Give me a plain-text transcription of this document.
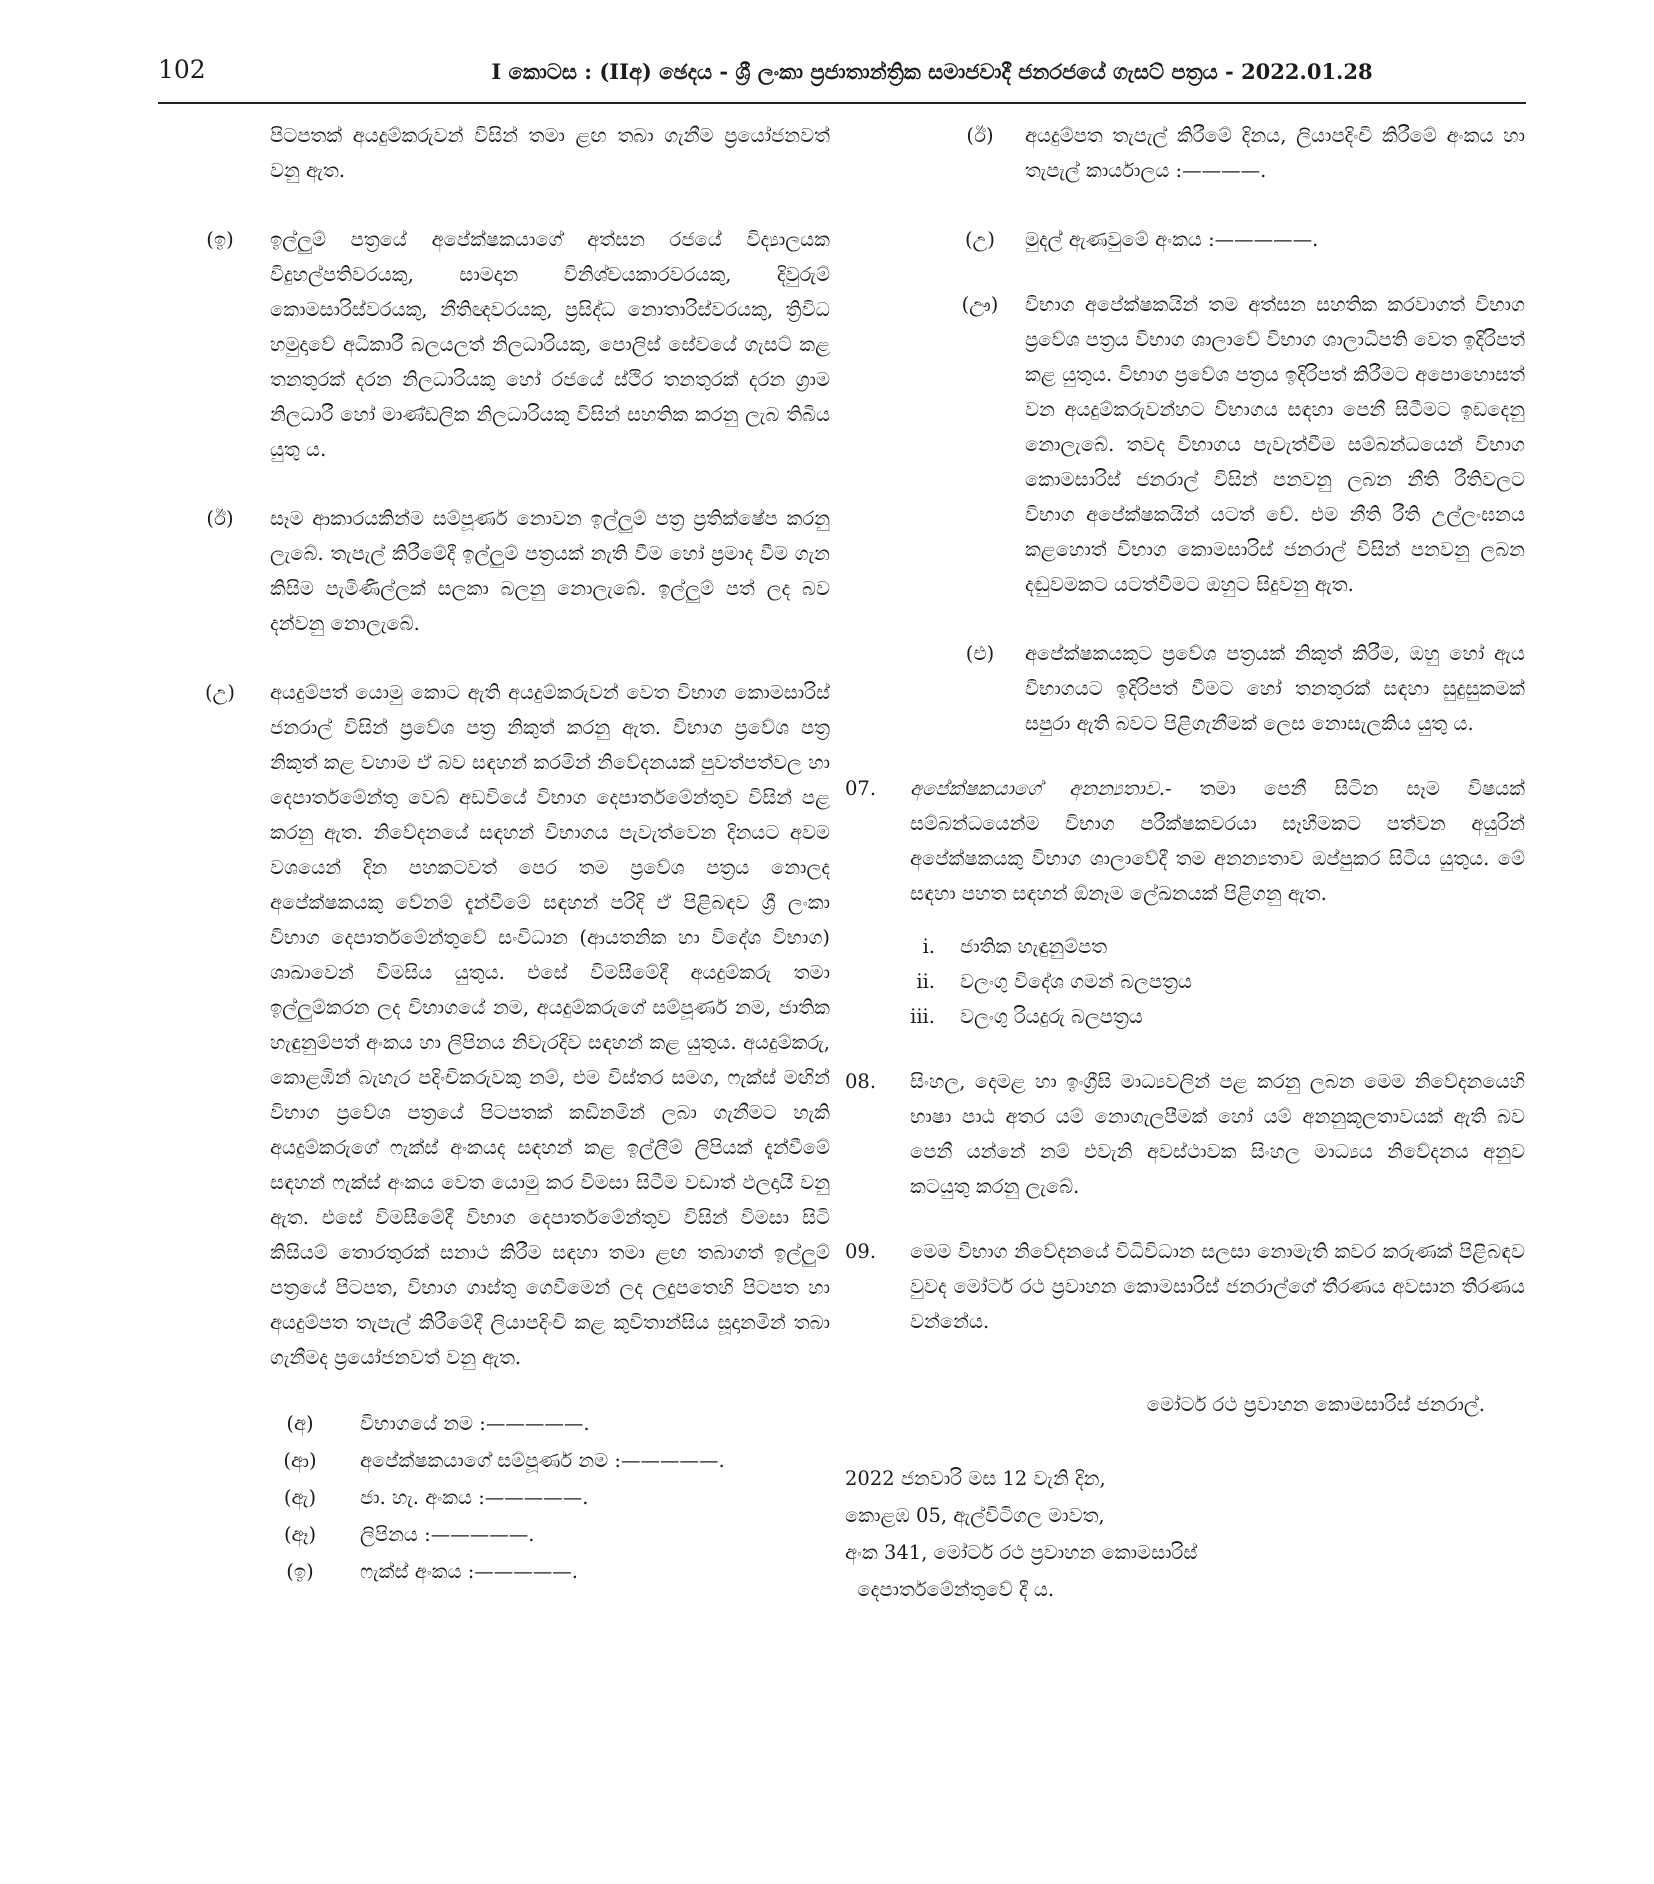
102	I කොටස : (IIඅ) ඡෙදය - ශ්‍රී ලංකා ප්‍රජාතාන්ත්‍රික සමාජවාදී ජනරජයේ ගැසට් පත්‍රය - 2022.01.28
පිටපතක් අයදුම්කරුවන් විසින් තමා ළඟ තබා ගැනීම ප්‍රයෝජනවත් වනු ඇත.
(ඉ)	ඉල්ලුම් පත්‍රයේ අපේක්ෂකයාගේ අත්සන රජයේ විද්‍යාලයක විදුහල්පතිවරයකු, සාමදාන විනිශ්චයකාරවරයකු, දිවුරුම් කොමසාරිස්වරයකු, නීතිඥවරයකු, ප්‍රසිද්ධ නොතාරිස්වරයකු, ත්‍රිවිධ හමුදාවේ අධිකාරී බලයලත් නිලධාරියකු, පොලිස් සේවයේ ගැසට් කළ තනතුරක් දරන නිලධාරියකු හෝ රජයේ ස්ථිර තනතුරක් දරන ග්‍රාම නිලධාරී හෝ මාණ්ඩලික නිලධාරියකු විසින් සහතික කරනු ලැබ තිබිය යුතු ය.
(ඊ)	සෑම ආකාරයකින්ම සම්පූර්ණ නොවන ඉල්ලුම් පත්‍ර ප්‍රතික්ෂේප කරනු ලැබේ. තැපැල් කිරීමේදී ඉල්ලුම් පත්‍රයක් නැති වීම හෝ ප්‍රමාද වීම ගැන කිසිම පැමිණිල්ලක් සලකා බලනු නොලැබේ. ඉල්ලුම් පත් ලද බව දන්වනු නොලැබේ.
(උ) අයදුම්පත් යොමු කොට ඇති අයදුම්කරුවන් වෙත විභාග කොමසාරිස් ජනරාල් විසින් ප්‍රවේශ පත්‍ර නිකුත් කරනු ඇත. විභාග ප්‍රවේශ පත්‍ර නිකුත් කළ වහාම ඒ බව සඳහන් කරමින් නිවේදනයක් පුවත්පත්වල හා දෙපාර්තමේන්තු වෙබ් අඩවියේ විභාග දෙපාර්තමේන්තුව විසින් පළ කරනු ඇත. නිවේදනයේ සඳහන් විභාගය පැවැත්වෙන දිනයට අවම වශයෙන් දින පහකටවත් පෙර තම ප්‍රවේශ පත්‍රය නොලද අපේක්ෂකයකු වේනම් දැන්වීමේ සඳහන් පරිදි ඒ පිළිබඳව ශ්‍රී ලංකා විභාග දෙපාර්තමේන්තුවේ සංවිධාන (ආයතනික හා විදේශ විභාග) ශාඛාවෙන් විමසිය යුතුය. එසේ විමසීමේදී අයදුම්කරු තමා ඉල්ලුම්කරන ලද විභාගයේ නම, අයදුම්කරුගේ සම්පූර්ණ නම, ජාතික හැඳුනුම්පත් අංකය හා ලිපිනය නිවැරදිව සඳහන් කළ යුතුය. අයදුම්කරු, කොළඹින් බැහැර පදිංචිකරුවකු නම්, එම විස්තර සමග, ෆැක්ස් මඟින් විභාග ප්‍රවේශ පත්‍රයේ පිටපතක් කඩිනමින් ලබා ගැනීමට හැකි අයදුම්කරුගේ ෆැක්ස් අංකයද සඳහන් කළ ඉල්ලීම් ලිපියක් දැන්වීමේ සඳහන් ෆැක්ස් අංකය වෙත යොමු කර විමසා සිටීම වඩාත් ඵලදායී වනු ඇත. එසේ විමසීමේදී විභාග දෙපාර්තමේන්තුව විසින් විමසා සිටි කිසියම් තොරතුරක් සනාථ කිරීම සඳහා තමා ළඟ තබාගත් ඉල්ලුම් පත්‍රයේ පිටපත, විභාග ගාස්තු ගෙවීමෙන් ලද ලදුපතෙහි පිටපත හා අයදුම්පත තැපැල් කිරීමේදී ලියාපදිංචි කළ කුවිතාන්සිය සූදානමින් තබා ගැනීමද ප්‍රයෝජනවත් වනු ඇත.
(අ)	විභාගයේ නම :—————.
(ආ)	අපේක්ෂකයාගේ සම්පූර්ණ නම :—————.
(ඇ)	ජා. හැ. අංකය :—————.
(ඈ)	ලිපිනය :—————.
(ඉ)	ෆැක්ස් අංකය :—————.
(ඊ)	අයදුම්පත තැපැල් කිරීමේ දිනය, ලියාපදිංචි කිරීමේ අංකය හා තැපැල් කාර්යාලය :————.
(උ)	මුදල් ඇණවුමේ අංකය :—————.
(ඌ)	විභාග අපේක්ෂකයින් තම අත්සන සහතික කරවාගත් විභාග ප්‍රවේශ පත්‍රය විභාග ශාලාවේ විභාග ශාලාධිපති වෙත ඉදිරිපත් කළ යුතුය. විභාග ප්‍රවේශ පත්‍රය ඉදිරිපත් කිරීමට අපොහොසත් වන අයදුම්කරුවන්හට විභාගය සඳහා පෙනී සිටීමට ඉඩදෙනු නොලැබේ. තවද විභාගය පැවැත්වීම සම්බන්ධයෙන් විභාග කොමසාරිස් ජනරාල් විසින් පනවනු ලබන නීති රීතිවලට විභාග අපේක්ෂකයින් යටත් වේ. එම නීති රීති උල්ලංඝනය කළහොත් විභාග කොමසාරිස් ජනරාල් විසින් පනවනු ලබන දඬුවමකට යටත්වීමට ඔහුට සිදුවනු ඇත.
(එ)	අපේක්ෂකයකුට ප්‍රවේශ පත්‍රයක් නිකුත් කිරීම, ඔහු හෝ ඇය විභාගයට ඉදිරිපත් වීමට හෝ තනතුරක් සඳහා සුදුසුකමක් සපුරා ඇති බවට පිළිගැනීමක් ලෙස නොසැලකිය යුතු ය.
07.	අපේක්ෂකයාගේ අනන්‍යතාව.- තමා පෙනී සිටින සෑම විෂයක් සම්බන්ධයෙන්ම විභාග පරීක්ෂකවරයා සෑහීමකට පත්වන අයුරින් අපේක්ෂකයකු විභාග ශාලාවේදී තම අනන්‍යතාව ඔප්පුකර සිටිය යුතුය. මේ සඳහා පහත සඳහන් ඕනෑම ලේඛනයක් පිළිගනු ඇත.
i. ජාතික හැඳුනුම්පත
ii. වලංගු විදේශ ගමන් බලපත්‍රය
iii. වලංගු රියදුරු බලපත්‍රය
08.	සිංහල, දෙමළ හා ඉංග්‍රීසි මාධ්‍යවලින් පළ කරනු ලබන මෙම නිවේදනයෙහි භාෂා පාඨ අතර යම් නොගැලපීමක් හෝ යම් අනනුකූලතාවයක් ඇති බව පෙනී යන්නේ නම් එවැනි අවස්ථාවක සිංහල මාධ්‍යය නිවේදනය අනුව කටයුතු කරනු ලැබේ.
09.	මෙම විභාග නිවේදනයේ විධිවිධාන සලසා නොමැති කවර කරුණක් පිළිබඳව වුවද මෝටර් රථ ප්‍රවාහන කොමසාරිස් ජනරාල්ගේ තීරණය අවසාන තීරණය වන්නේය.
මෝටර් රථ ප්‍රවාහන කොමසාරිස් ජනරාල්.
2022 ජනවාරි මස 12 වැනි දින,
කොළඹ 05, ඇල්විටිගල මාවත,
අංක 341, මෝටර් රථ ප්‍රවාහන කොමසාරිස්
දෙපාර්තමේන්තුවේ දී ය.
